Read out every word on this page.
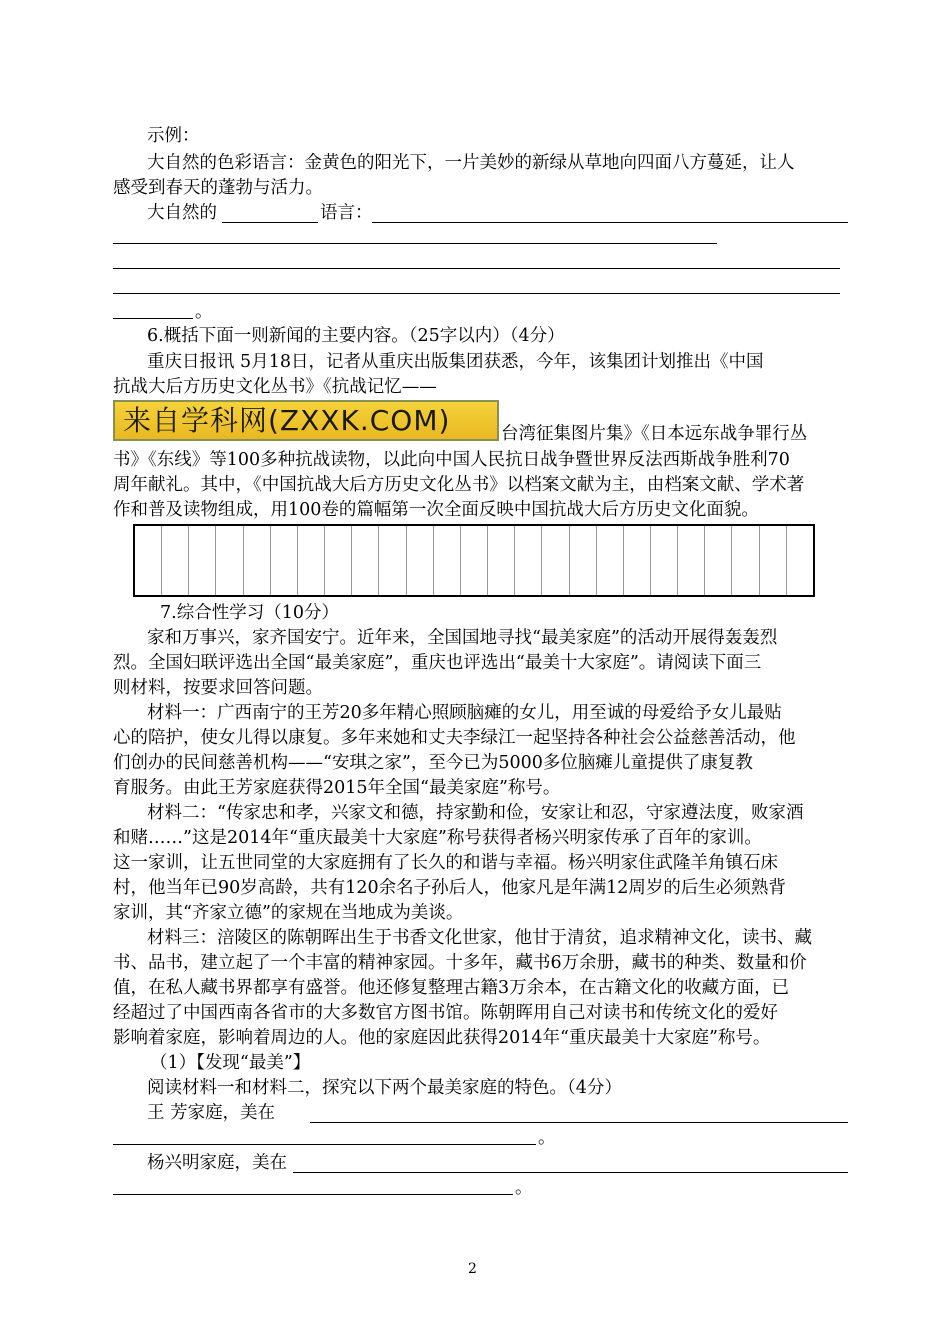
示例：
大自然的色彩语言：金黄色的阳光下，一片美妙的新绿从草地向四面八方蔓延，让人
感受到春天的蓬勃与活力。
大自然的	语言：
。
6.概括下面一则新闻的主要内容。（25字以内）（4分）
重庆日报讯 5月18日，记者从重庆出版集团获悉，今年，该集团计划推出《中国
抗战大后方历史文化丛书》《抗战记忆——
来自学科网(ZXXK.COM)	台湾征集图片集》《日本远东战争罪行丛
书》《东线》等100多种抗战读物，以此向中国人民抗日战争暨世界反法西斯战争胜利70
周年献礼。其中，《中国抗战大后方历史文化丛书》以档案文献为主，由档案文献、学术著
作和普及读物组成，用100卷的篇幅第一次全面反映中国抗战大后方历史文化面貌。
7.综合性学习（10分）
家和万事兴，家齐国安宁。近年来，全国国地寻找“最美家庭”的活动开展得轰轰烈
烈。全国妇联评选出全国“最美家庭”，重庆也评选出“最美十大家庭”。请阅读下面三
则材料，按要求回答问题。
材料一：广西南宁的王芳20多年精心照顾脑瘫的女儿，用至诚的母爱给予女儿最贴
心的陪护，使女儿得以康复。多年来她和丈夫李绿江一起坚持各种社会公益慈善活动，他
们创办的民间慈善机构——“安琪之家”，至今已为5000多位脑瘫儿童提供了康复教
育服务。由此王芳家庭获得2015年全国“最美家庭”称号。
材料二：“传家忠和孝，兴家文和德，持家勤和俭，安家让和忍，守家遵法度，败家酒
和赌……”这是2014年“重庆最美十大家庭”称号获得者杨兴明家传承了百年的家训。
这一家训，让五世同堂的大家庭拥有了长久的和谐与幸福。杨兴明家住武隆羊角镇石床
村，他当年已90岁高龄，共有120余名子孙后人，他家凡是年满12周岁的后生必须熟背
家训，其“齐家立德”的家规在当地成为美谈。
材料三：涪陵区的陈朝晖出生于书香文化世家，他甘于清贫，追求精神文化，读书、藏
书、品书，建立起了一个丰富的精神家园。十多年，藏书6万余册，藏书的种类、数量和价
值，在私人藏书界都享有盛誉。他还修复整理古籍3万余本，在古籍文化的收藏方面，已
经超过了中国西南各省市的大多数官方图书馆。陈朝晖用自己对读书和传统文化的爱好
影响着家庭，影响着周边的人。他的家庭因此获得2014年“重庆最美十大家庭”称号。
（1）【发现“最美”】
阅读材料一和材料二，探究以下两个最美家庭的特色。（4分）
王 芳家庭，美在
。
杨兴明家庭，美在
。
2
